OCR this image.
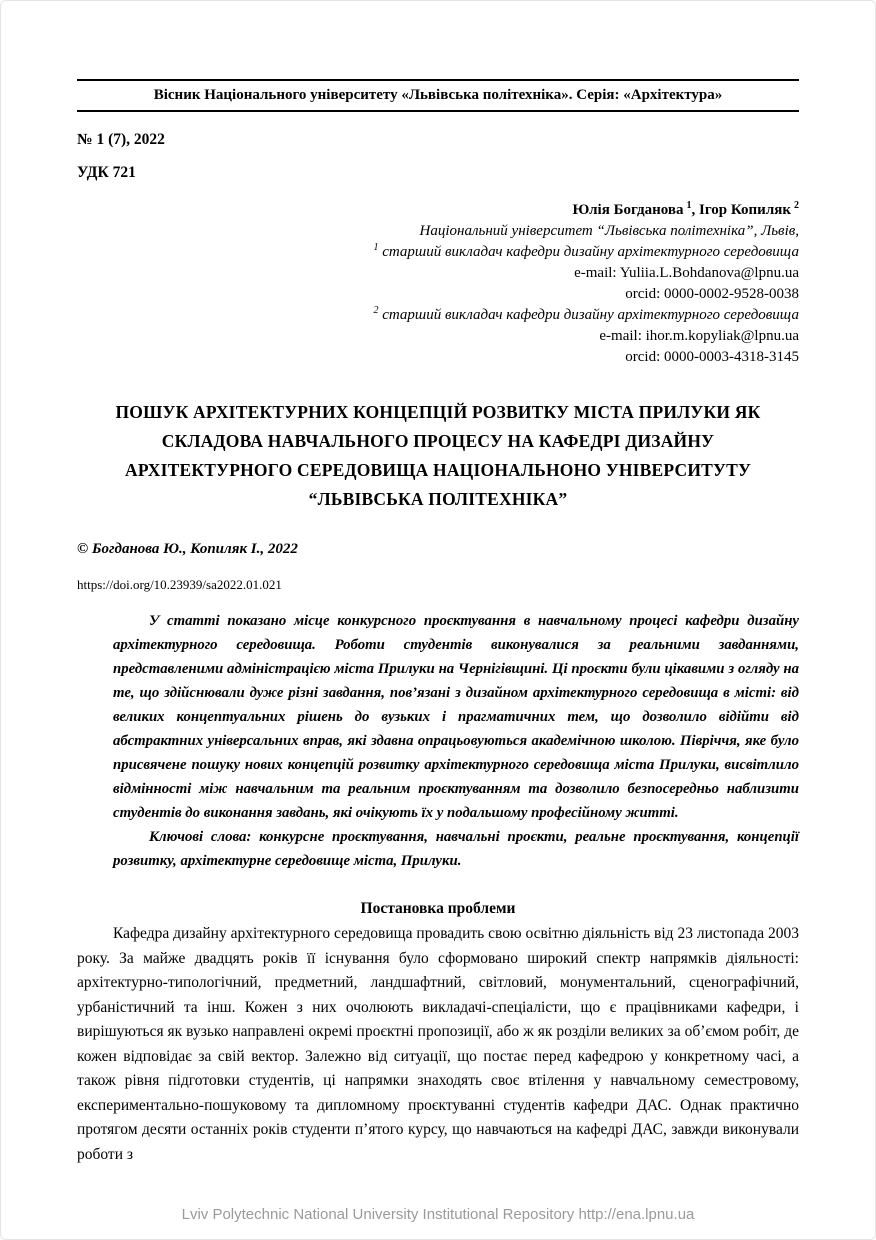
Вісник Національного університету «Львівська політехніка». Серія: «Архітектура»

№ 1 (7), 2022

УДК 721

Юлія Богданова $^1$, Ігор Копиляк $^2$

Національний університет “Львівська політехніка”, Львів,

$^1$ старший викладач кафедри дизайну архітектурного середовища

e-mail: Yuliia.L.Bohdanova@lpnu.ua

orcid: 0000-0002-9528-0038

$^2$ старший викладач кафедри дизайну архітектурного середовища

e-mail: ihor.m.kopyliak@lpnu.ua

orcid: 0000-0003-4318-3145

ПОШУК АРХІТЕКТУРНИХ КОНЦЕПЦІЙ РОЗВИТКУ МІСТА ПРИЛУКИ ЯК СКЛАДОВА НАВЧАЛЬНОГО ПРОЦЕСУ НА КАФЕДРІ ДИЗАЙНУ АРХІТЕКТУРНОГО СЕРЕДОВИЩА НАЦІОНАЛЬНОНО УНІВЕРСИТУТУ “ЛЬВІВСЬКА ПОЛІТЕХНІКА”

© Богданова Ю., Копиляк І., 2022

https://doi.org/10.23939/sa2022.01.021

У статті показано місце конкурсного проєктування в навчальному процесі кафедри дизайну архітектурного середовища. Роботи студентів виконувалися за реальними завданнями, представленими адміністрацією міста Прилуки на Чернігівщині. Ці проєкти були цікавими з огляду на те, що здійснювали дуже різні завдання, пов’язані з дизайном архітектурного середовища в місті: від великих концептуальних рішень до вузьких і прагматичних тем, що дозволило відійти від абстрактних універсальних вправ, які здавна опрацьовуються академічною школою. Півріччя, яке було присвячене пошуку нових концепцій розвитку архітектурного середовища міста Прилуки, висвітлило відмінності між навчальним та реальним проєктуванням та дозволило безпосередньо наблизити студентів до виконання завдань, які очікують їх у подальшому професійному житті.

Ключові слова: конкурсне проєктування, навчальні проєкти, реальне проєктування, концепції розвитку, архітектурне середовище міста, Прилуки.

Постановка проблеми

Кафедра дизайну архітектурного середовища провадить свою освітню діяльність від 23 листопада 2003 року. За майже двадцять років її існування було сформовано широкий спектр напрямків діяльності: архітектурно-типологічний, предметний, ландшафтний, світловий, монументальний, сценографічний, урбаністичний та інш. Кожен з них очолюють викладачі-спеціалісти, що є працівниками кафедри, і вирішуються як вузько направлені окремі проєктні пропозиції, або ж як розділи великих за об’ємом робіт, де кожен відповідає за свій вектор. Залежно від ситуації, що постає перед кафедрою у конкретному часі, а також рівня підготовки студентів, ці напрямки знаходять своє втілення у навчальному семестровому, експериментально-пошуковому та дипломному проєктуванні студентів кафедри ДАС. Однак практично протягом десяти останніх років студенти п’ятого курсу, що навчаються на кафедрі ДАС, завжди виконували роботи з

Lviv Polytechnic National University Institutional Repository http://ena.lpnu.ua
